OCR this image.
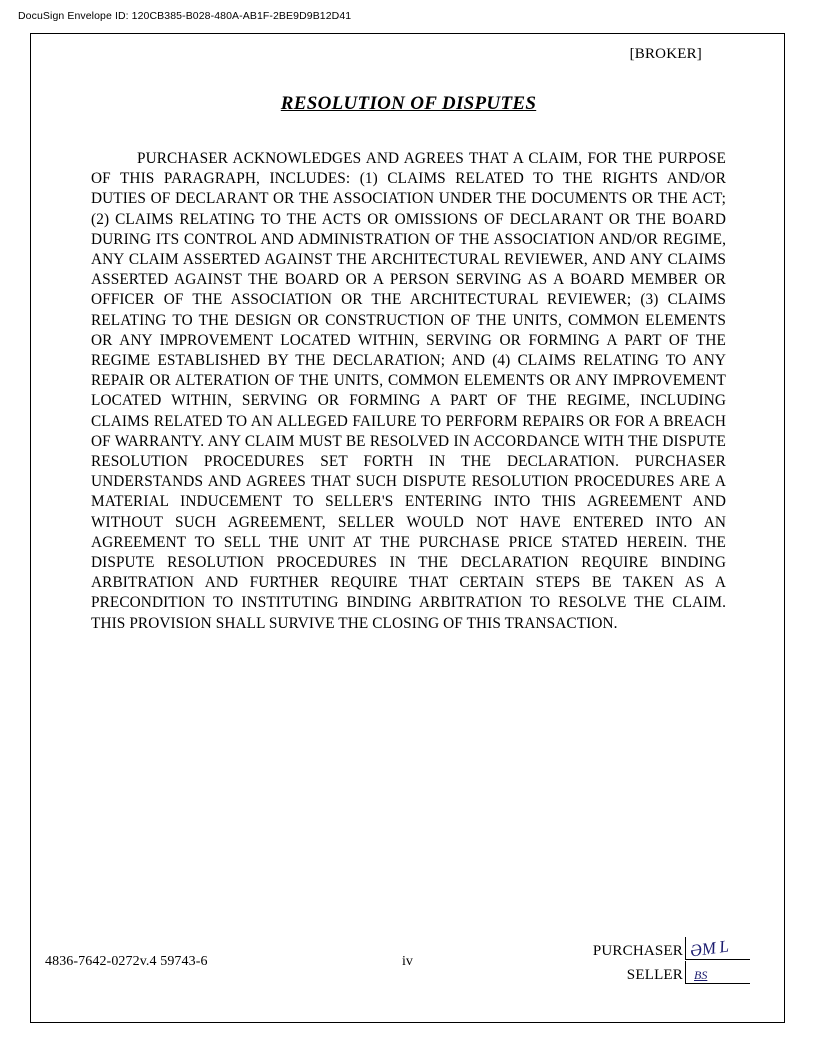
DocuSign Envelope ID: 120CB385-B028-480A-AB1F-2BE9D9B12D41
[BROKER]
RESOLUTION OF DISPUTES
PURCHASER ACKNOWLEDGES AND AGREES THAT A CLAIM, FOR THE PURPOSE OF THIS PARAGRAPH, INCLUDES: (1) CLAIMS RELATED TO THE RIGHTS AND/OR DUTIES OF DECLARANT OR THE ASSOCIATION UNDER THE DOCUMENTS OR THE ACT; (2) CLAIMS RELATING TO THE ACTS OR OMISSIONS OF DECLARANT OR THE BOARD DURING ITS CONTROL AND ADMINISTRATION OF THE ASSOCIATION AND/OR REGIME, ANY CLAIM ASSERTED AGAINST THE ARCHITECTURAL REVIEWER, AND ANY CLAIMS ASSERTED AGAINST THE BOARD OR A PERSON SERVING AS A BOARD MEMBER OR OFFICER OF THE ASSOCIATION OR THE ARCHITECTURAL REVIEWER; (3) CLAIMS RELATING TO THE DESIGN OR CONSTRUCTION OF THE UNITS, COMMON ELEMENTS OR ANY IMPROVEMENT LOCATED WITHIN, SERVING OR FORMING A PART OF THE REGIME ESTABLISHED BY THE DECLARATION; AND (4) CLAIMS RELATING TO ANY REPAIR OR ALTERATION OF THE UNITS, COMMON ELEMENTS OR ANY IMPROVEMENT LOCATED WITHIN, SERVING OR FORMING A PART OF THE REGIME, INCLUDING CLAIMS RELATED TO AN ALLEGED FAILURE TO PERFORM REPAIRS OR FOR A BREACH OF WARRANTY. ANY CLAIM MUST BE RESOLVED IN ACCORDANCE WITH THE DISPUTE RESOLUTION PROCEDURES SET FORTH IN THE DECLARATION. PURCHASER UNDERSTANDS AND AGREES THAT SUCH DISPUTE RESOLUTION PROCEDURES ARE A MATERIAL INDUCEMENT TO SELLER'S ENTERING INTO THIS AGREEMENT AND WITHOUT SUCH AGREEMENT, SELLER WOULD NOT HAVE ENTERED INTO AN AGREEMENT TO SELL THE UNIT AT THE PURCHASE PRICE STATED HEREIN. THE DISPUTE RESOLUTION PROCEDURES IN THE DECLARATION REQUIRE BINDING ARBITRATION AND FURTHER REQUIRE THAT CERTAIN STEPS BE TAKEN AS A PRECONDITION TO INSTITUTING BINDING ARBITRATION TO RESOLVE THE CLAIM. THIS PROVISION SHALL SURVIVE THE CLOSING OF THIS TRANSACTION.
4836-7642-0272v.4 59743-6	iv
PURCHASER ƏM L
SELLER BS
